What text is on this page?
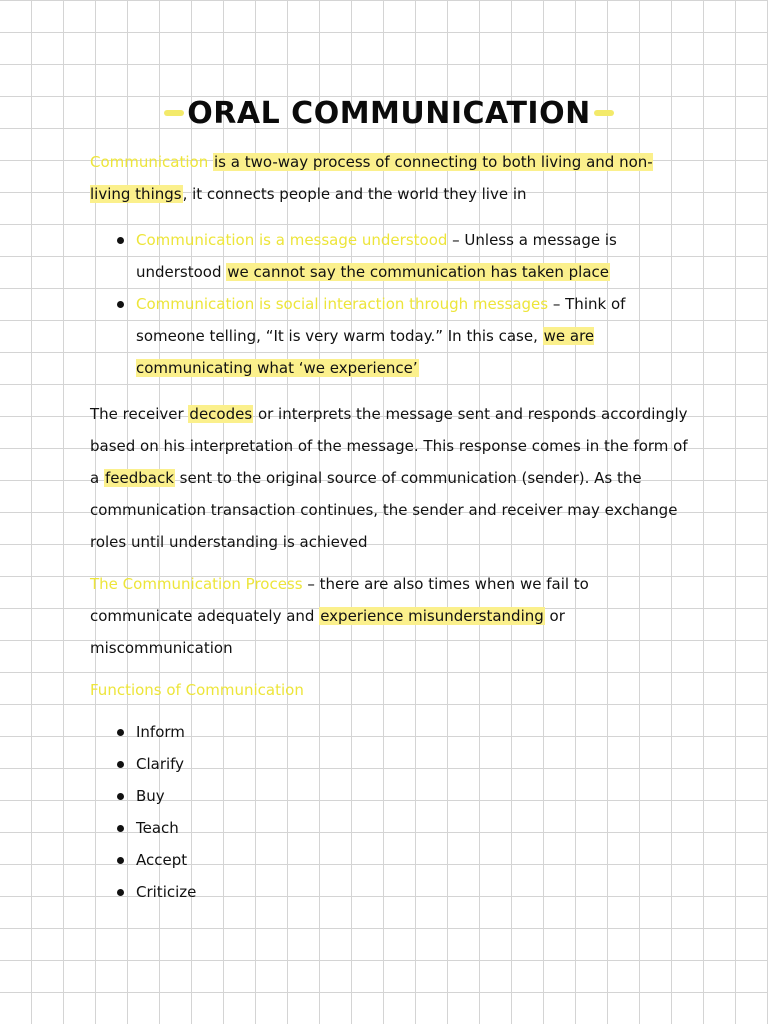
ORAL COMMUNICATION

Communication is a two-way process of connecting to both living and non-living things, it connects people and the world they live in

Communication is a message understood – Unless a message is understood we cannot say the communication has taken place
Communication is social interaction through messages – Think of someone telling, “It is very warm today.” In this case, we are communicating what ‘we experience’

The receiver decodes or interprets the message sent and responds accordingly based on his interpretation of the message. This response comes in the form of a feedback sent to the original source of communication (sender). As the communication transaction continues, the sender and receiver may exchange roles until understanding is achieved

The Communication Process – there are also times when we fail to communicate adequately and experience misunderstanding or miscommunication

Functions of Communication
Inform
Clarify
Buy
Teach
Accept
Criticize
